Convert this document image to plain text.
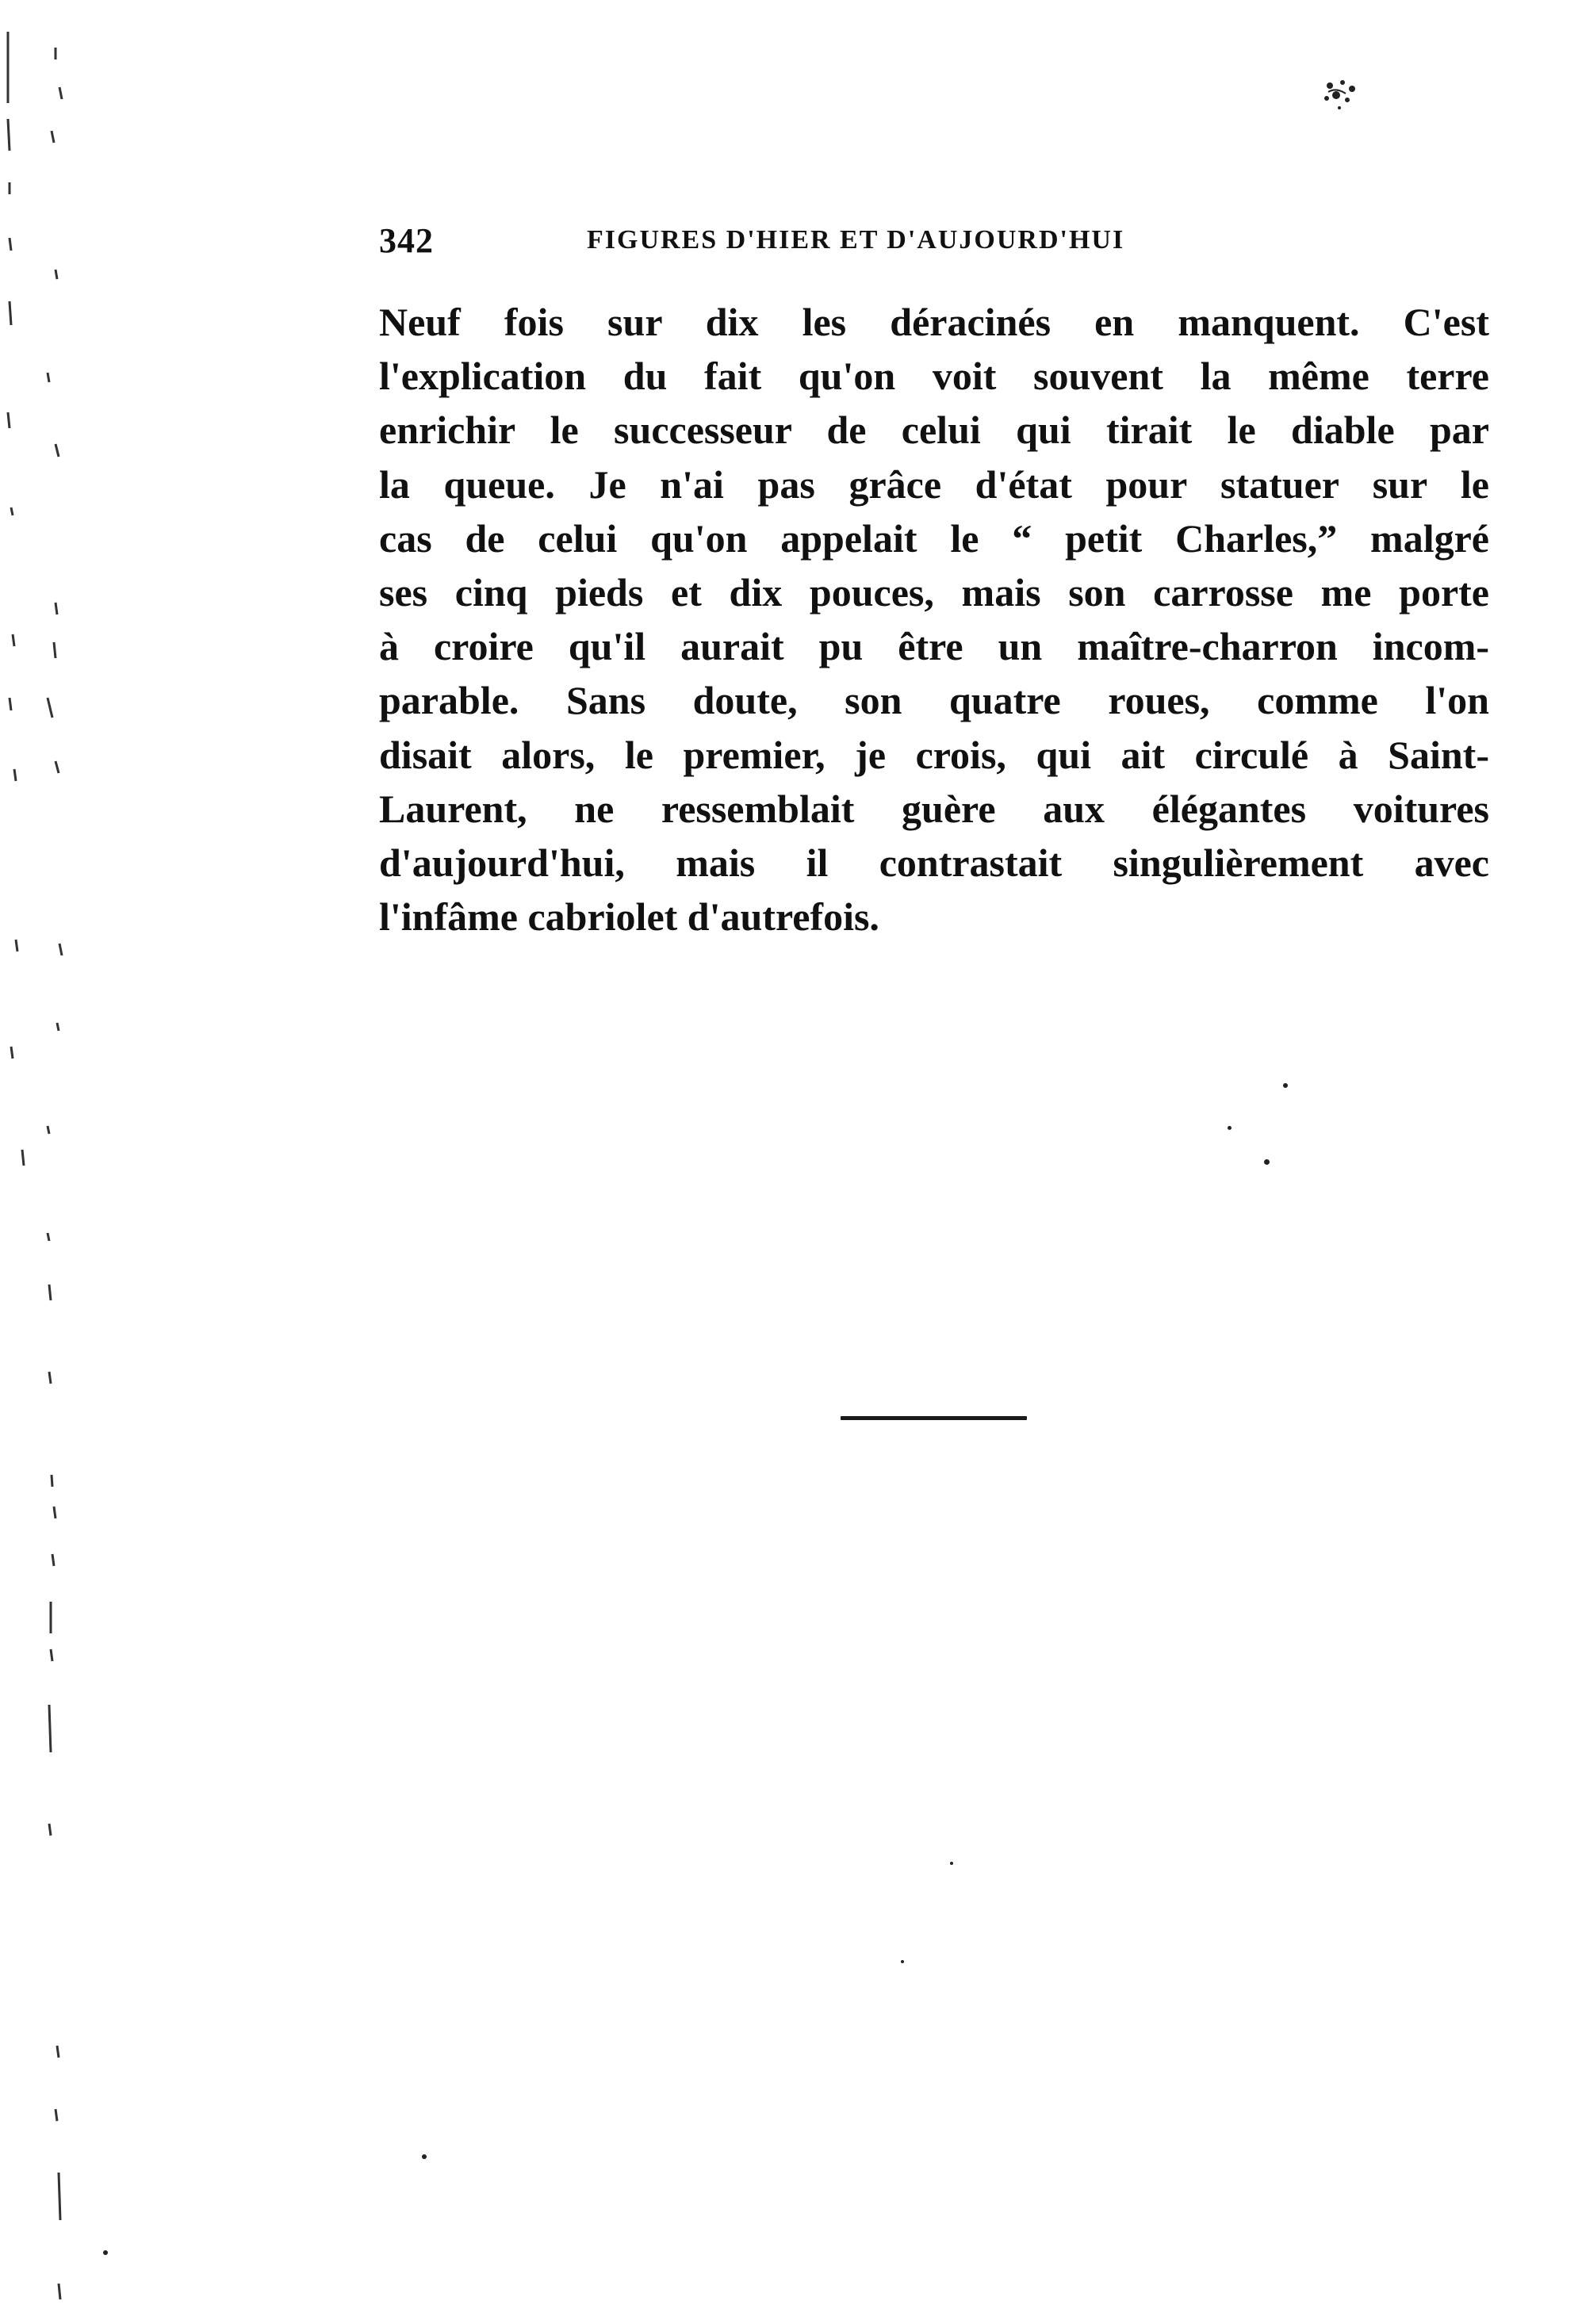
342	FIGURES D'HIER ET D'AUJOURD'HUI
Neuf fois sur dix les déracinés en manquent. C'est
l'explication du fait qu'on voit souvent la même terre
enrichir le successeur de celui qui tirait le diable par
la queue. Je n'ai pas grâce d'état pour statuer sur le
cas de celui qu'on appelait le “ petit Charles,” malgré
ses cinq pieds et dix pouces, mais son carrosse me porte
à croire qu'il aurait pu être un maître-charron incom-
parable. Sans doute, son quatre roues, comme l'on
disait alors, le premier, je crois, qui ait circulé à Saint-
Laurent, ne ressemblait guère aux élégantes voitures
d'aujourd'hui, mais il contrastait singulièrement avec
l'infâme cabriolet d'autrefois.
